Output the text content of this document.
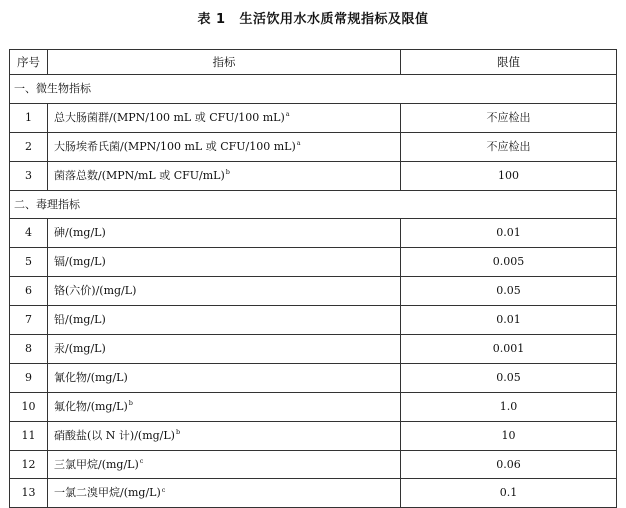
表 1 生活饮用水水质常规指标及限值
序号	指标	限值
一、微生物指标		
1	总大肠菌群/(MPN/100 mL 或 CFU/100 mL)$^a$	不应检出
2	大肠埃希氏菌/(MPN/100 mL 或 CFU/100 mL)$^a$	不应检出
3	菌落总数/(MPN/mL 或 CFU/mL)$^b$	100
二、毒理指标		
4	砷/(mg/L)	0.01
5	镉/(mg/L)	0.005
6	铬(六价)/(mg/L)	0.05
7	铅/(mg/L)	0.01
8	汞/(mg/L)	0.001
9	氰化物/(mg/L)	0.05
10	氟化物/(mg/L)$^b$	1.0
11	硝酸盐(以 N 计)/(mg/L)$^b$	10
12	三氯甲烷/(mg/L)$^c$	0.06
13	一氯二溴甲烷/(mg/L)$^c$	0.1
